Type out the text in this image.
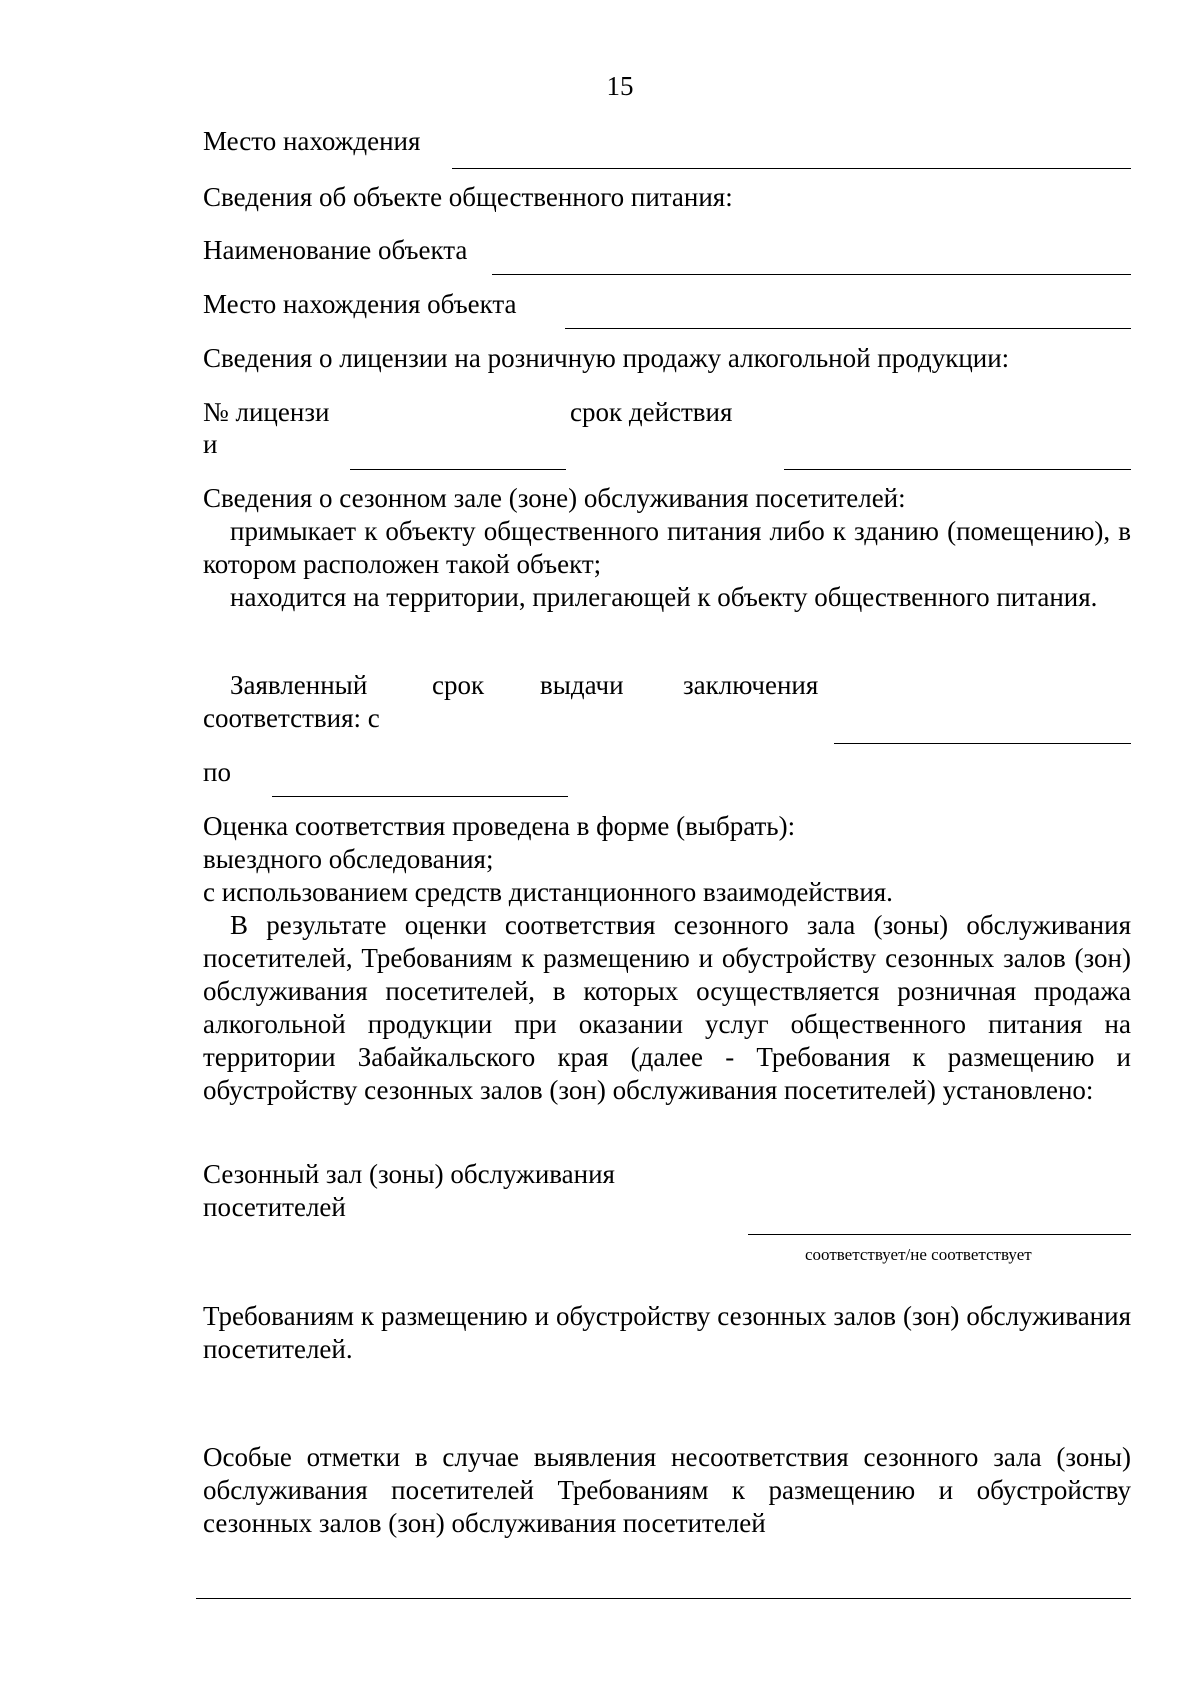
15
Место нахождения
Сведения об объекте общественного питания:
Наименование объекта
Место нахождения объекта
Сведения о лицензии на розничную продажу алкогольной продукции:
№ лицензи
и
срок действия
Сведения о сезонном зале (зоне) обслуживания посетителей:
примыкает к объекту общественного питания либо к зданию (помещению), в котором расположен такой объект;
находится на территории, прилегающей к объекту общественного питания.
Заявленный срок выдачи заключения
соответствия: с
по
Оценка соответствия проведена в форме (выбрать):
выездного обследования;
с использованием средств дистанционного взаимодействия.
В результате оценки соответствия сезонного зала (зоны) обслуживания посетителей, Требованиям к размещению и обустройству сезонных залов (зон) обслуживания посетителей, в которых осуществляется розничная продажа алкогольной продукции при оказании услуг общественного питания на территории Забайкальского края (далее - Требования к размещению и обустройству сезонных залов (зон) обслуживания посетителей) установлено:
Сезонный зал (зоны) обслуживания
посетителей
соответствует/не соответствует
Требованиям к размещению и обустройству сезонных залов (зон) обслуживания посетителей.
Особые отметки в случае выявления несоответствия сезонного зала (зоны) обслуживания посетителей Требованиям к размещению и обустройству сезонных залов (зон) обслуживания посетителей
